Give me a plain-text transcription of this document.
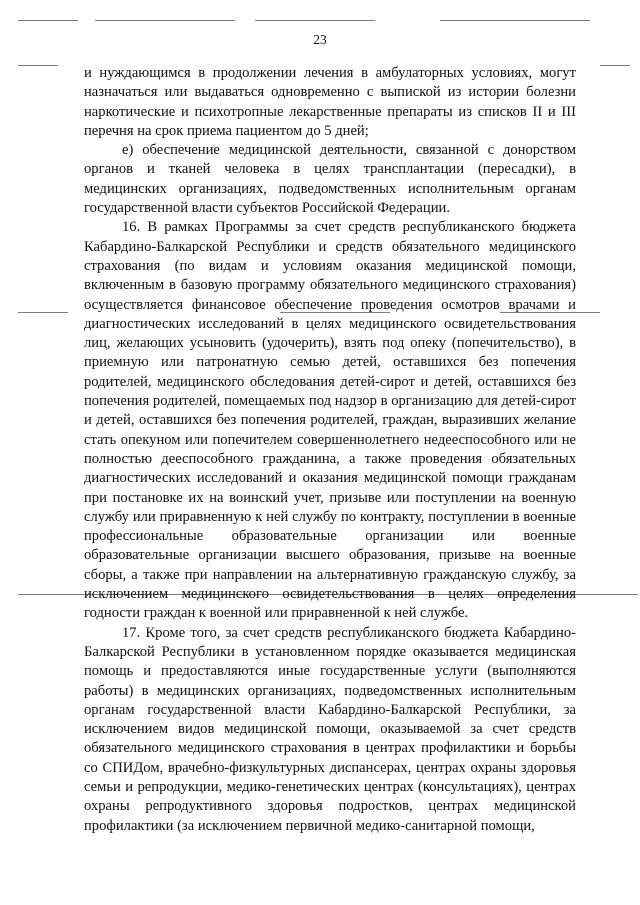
23

и нуждающимся в продолжении лечения в амбулаторных условиях, могут назначаться или выдаваться одновременно с выпиской из истории болезни наркотические и психотропные лекарственные препараты из списков II и III перечня на срок приема пациентом до 5 дней;

е) обеспечение медицинской деятельности, связанной с донорством органов и тканей человека в целях трансплантации (пересадки), в медицинских организациях, подведомственных исполнительным органам государственной власти субъектов Российской Федерации.

16. В рамках Программы за счет средств республиканского бюджета Кабардино-Балкарской Республики и средств обязательного медицинского страхования (по видам и условиям оказания медицинской помощи, включенным в базовую программу обязательного медицинского страхования) осуществляется финансовое обеспечение проведения осмотров врачами и диагностических исследований в целях медицинского освидетельствования лиц, желающих усыновить (удочерить), взять под опеку (попечительство), в приемную или патронатную семью детей, оставшихся без попечения родителей, медицинского обследования детей-сирот и детей, оставшихся без попечения родителей, помещаемых под надзор в организацию для детей-сирот и детей, оставшихся без попечения родителей, граждан, выразивших желание стать опекуном или попечителем совершеннолетнего недееспособного или не полностью дееспособного гражданина, а также проведения обязательных диагностических исследований и оказания медицинской помощи гражданам при постановке их на воинский учет, призыве или поступлении на военную службу или приравненную к ней службу по контракту, поступлении в военные профессиональные образовательные организации или военные образовательные организации высшего образования, призыве на военные сборы, а также при направлении на альтернативную гражданскую службу, за исключением медицинского освидетельствования в целях определения годности граждан к военной или приравненной к ней службе.

17. Кроме того, за счет средств республиканского бюджета Кабардино-Балкарской Республики в установленном порядке оказывается медицинская помощь и предоставляются иные государственные услуги (выполняются работы) в медицинских организациях, подведомственных исполнительным органам государственной власти Кабардино-Балкарской Республики, за исключением видов медицинской помощи, оказываемой за счет средств обязательного медицинского страхования в центрах профилактики и борьбы со СПИДом, врачебно-физкультурных диспансерах, центрах охраны здоровья семьи и репродукции, медико-генетических центрах (консультациях), центрах охраны репродуктивного здоровья подростков, центрах медицинской профилактики (за исключением первичной медико-санитарной помощи,
